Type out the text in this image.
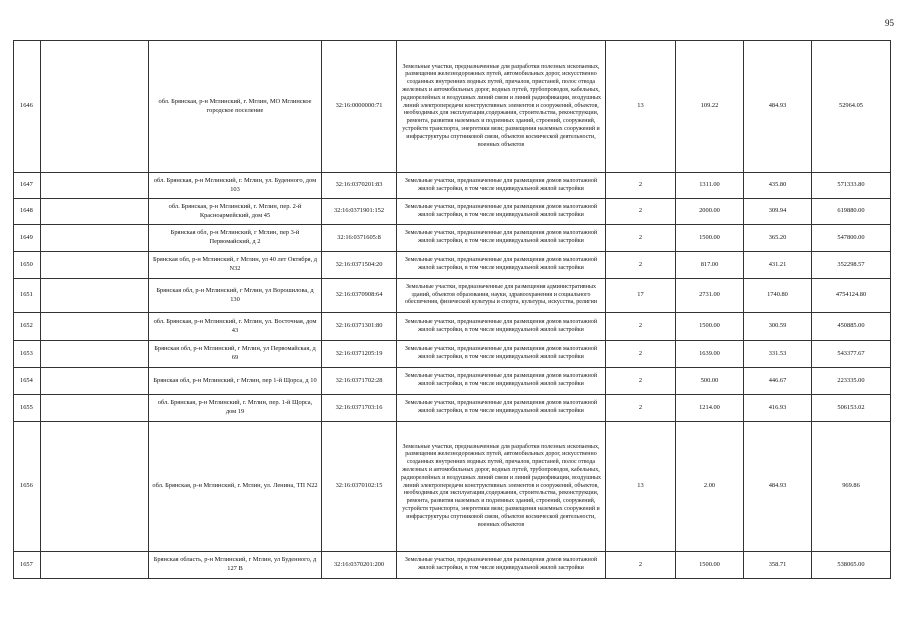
95
1646		обл. Брянская, р-н Мглинский, г. Мглин, МО Мглинское городское поселение	32:16:0000000:71	Земельные участки, предназначенные для разработки полезных ископаемых, размещения железнодорожных путей, автомобильных дорог, искусственно созданных внутренних водных путей, причалов, пристаней, полос отвода железных и автомобильных дорог, водных путей, трубопроводов, кабельных, радиорелейных и воздушных линий связи и линий радиофикации, воздушных линий электропередачи конструктивных элементов и сооружений, объектов, необходимых для эксплуатации,содержания, строительства, реконструкции, ремонта, развития наземных и подземных зданий, строений, сооружений, устройств транспорта, энергетики вязи; размещения наземных сооружений и инфраструктуры спутниковой связи, объектов космической деятельности, военных объектов	13	109.22	484.93	52964.05
1647		обл. Брянская, р-н Мглинский, г. Мглин, ул. Буденного, дом 103	32:16:0370201:83	Земельные участки, предназначенные для размещения домов малоэтажной жилой застройки, в том числе индивидуальной жилой застройки	2	1311.00	435.80	571333.80
1648		обл. Брянская, р-н Мглинский, г. Мглин, пер. 2-й Красноармейский, дом 45	32:16:0371901:152	Земельные участки, предназначенные для размещения домов малоэтажной жилой застройки, в том числе индивидуальной жилой застройки	2	2000.00	309.94	619880.00
1649		Брянская обл, р-н Мглинский, г Мглин, пер 3-й Первомайский, д 2	32:16:0371605:8	Земельные участки, предназначенные для размещения домов малоэтажной жилой застройки, в том числе индивидуальной жилой застройки	2	1500.00	365.20	547800.00
1650		Брянская обл, р-н Мглинский, г Мглин, ул 40 лет Октября, д N32	32:16:0371504:20	Земельные участки, предназначенные для размещения домов малоэтажной жилой застройки, в том числе индивидуальной жилой застройки	2	817.00	431.21	352298.57
1651		Брянская обл, р-н Мглинский, г Мглин, ул Ворошилова, д 130	32:16:0370908:64	Земельные участки, предназначенные для размещения административных зданий, объектов образования, науки, здравоохранения и социального обеспечения, физической культуры и спорта, культуры, искусства, религии	17	2731.00	1740.80	4754124.80
1652		обл. Брянская, р-н Мглинский, г. Мглин, ул. Восточная, дом 43	32:16:0371301:80	Земельные участки, предназначенные для размещения домов малоэтажной жилой застройки, в том числе индивидуальной жилой застройки	2	1500.00	300.59	450885.00
1653		Брянская обл, р-н Мглинский, г Мглин, ул Первомайская, д 69	32:16:0371205:19	Земельные участки, предназначенные для размещения домов малоэтажной жилой застройки, в том числе индивидуальной жилой застройки	2	1639.00	331.53	543377.67
1654		Брянская обл, р-н Мглинский, г Мглин, пер 1-й Щорса, д 10	32:16:0371702:28	Земельные участки, предназначенные для размещения домов малоэтажной жилой застройки, в том числе индивидуальной жилой застройки	2	500.00	446.67	223335.00
1655		обл. Брянская, р-н Мглинский, г. Мглин, пер. 1-й Щорса, дом 19	32:16:0371703:16	Земельные участки, предназначенные для размещения домов малоэтажной жилой застройки, в том числе индивидуальной жилой застройки	2	1214.00	416.93	506153.02
1656		обл. Брянская, р-н Мглинский, г. Мглин, ул. Ленина, ТП N22	32:16:0370102:15	Земельные участки, предназначенные для разработки полезных ископаемых, размещения железнодорожных путей, автомобильных дорог, искусственно созданных внутренних водных путей, причалов, пристаней, полос отвода железных и автомобильных дорог, водных путей, трубопроводов, кабельных, радиорелейных и воздушных линий связи и линий радиофикации, воздушных линий электропередачи конструктивных элементов и сооружений, объектов, необходимых для эксплуатации,содержания, строительства, реконструкции, ремонта, развития наземных и подземных зданий, строений, сооружений, устройств транспорта, энергетики вязи; размещения наземных сооружений и инфраструктуры спутниковой связи, объектов космической деятельности, военных объектов	13	2.00	484.93	969.86
1657		Брянская область, р-н Мглинский, г Мглин, ул Буденного, д 127 В	32:16:0370201:200	Земельные участки, предназначенные для размещения домов малоэтажной жилой застройки, в том числе индивидуальной жилой застройки	2	1500.00	358.71	538065.00
